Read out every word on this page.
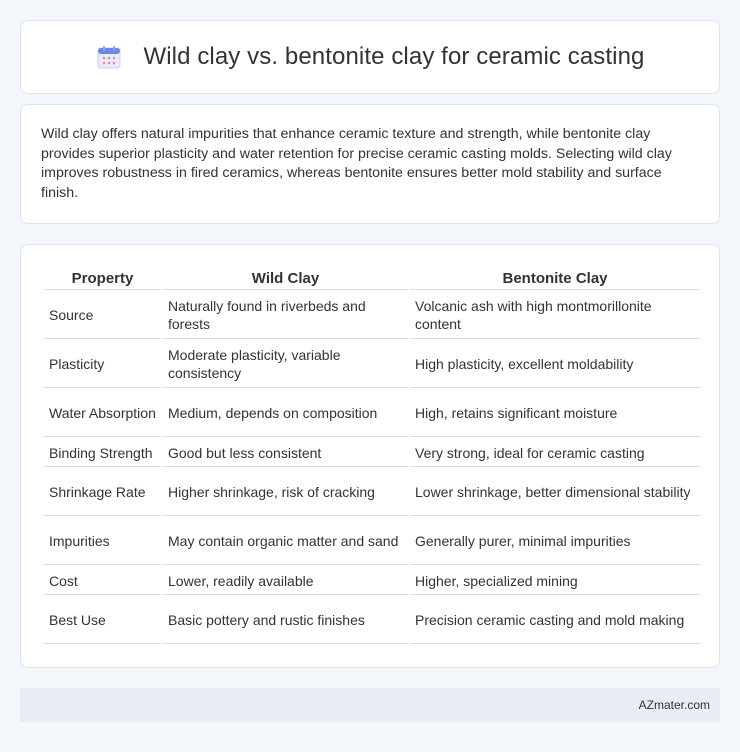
Wild clay vs. bentonite clay for ceramic casting

Wild clay offers natural impurities that enhance ceramic texture and strength, while bentonite clay provides superior plasticity and water retention for precise ceramic casting molds. Selecting wild clay improves robustness in fired ceramics, whereas bentonite ensures better mold stability and surface finish.

Property	Wild Clay	Bentonite Clay
Source	Naturally found in riverbeds and forests	Volcanic ash with high montmorillonite content
Plasticity	Moderate plasticity, variable consistency	High plasticity, excellent moldability
Water Absorption	Medium, depends on composition	High, retains significant moisture
Binding Strength	Good but less consistent	Very strong, ideal for ceramic casting
Shrinkage Rate	Higher shrinkage, risk of cracking	Lower shrinkage, better dimensional stability
Impurities	May contain organic matter and sand	Generally purer, minimal impurities
Cost	Lower, readily available	Higher, specialized mining
Best Use	Basic pottery and rustic finishes	Precision ceramic casting and mold making
AZmater.com
